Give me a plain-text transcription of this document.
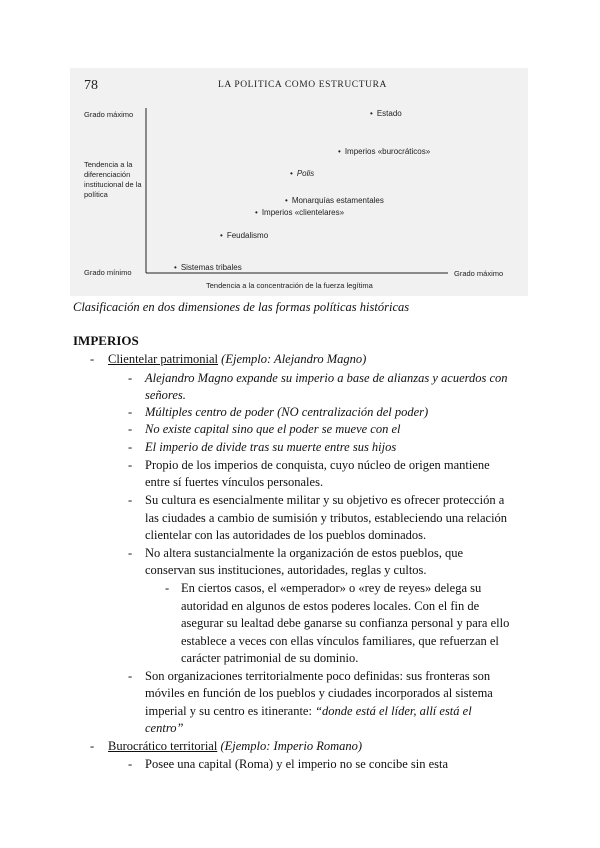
78	LA POLITICA COMO ESTRUCTURA
Grado máximo
Tendencia a la diferenciación institucional de la política
Grado mínimo	Grado máximo
Tendencia a la concentración de la fuerza legítima
• Estado
• Imperios «burocráticos»
• Polis
• Monarquías estamentales
• Imperios «clientelares»
• Feudalismo
• Sistemas tribales
Clasificación en dos dimensiones de las formas políticas históricas
IMPERIOS
- Clientelar patrimonial (Ejemplo: Alejandro Magno)
- Alejandro Magno expande su imperio a base de alianzas y acuerdos con
señores.
- Múltiples centro de poder (NO centralización del poder)
- No existe capital sino que el poder se mueve con el
- El imperio de divide tras su muerte entre sus hijos
- Propio de los imperios de conquista, cuyo núcleo de origen mantiene
entre sí fuertes vínculos personales.
- Su cultura es esencialmente militar y su objetivo es ofrecer protección a
las ciudades a cambio de sumisión y tributos, estableciendo una relación
clientelar con las autoridades de los pueblos dominados.
- No altera sustancialmente la organización de estos pueblos, que
conservan sus instituciones, autoridades, reglas y cultos.
- En ciertos casos, el «emperador» o «rey de reyes» delega su
autoridad en algunos de estos poderes locales. Con el fin de
asegurar su lealtad debe ganarse su confianza personal y para ello
establece a veces con ellas vínculos familiares, que refuerzan el
carácter patrimonial de su dominio.
- Son organizaciones territorialmente poco definidas: sus fronteras son
móviles en función de los pueblos y ciudades incorporados al sistema
imperial y su centro es itinerante: “donde está el líder, allí está el
centro”
- Burocrático territorial (Ejemplo: Imperio Romano)
- Posee una capital (Roma) y el imperio no se concibe sin esta
